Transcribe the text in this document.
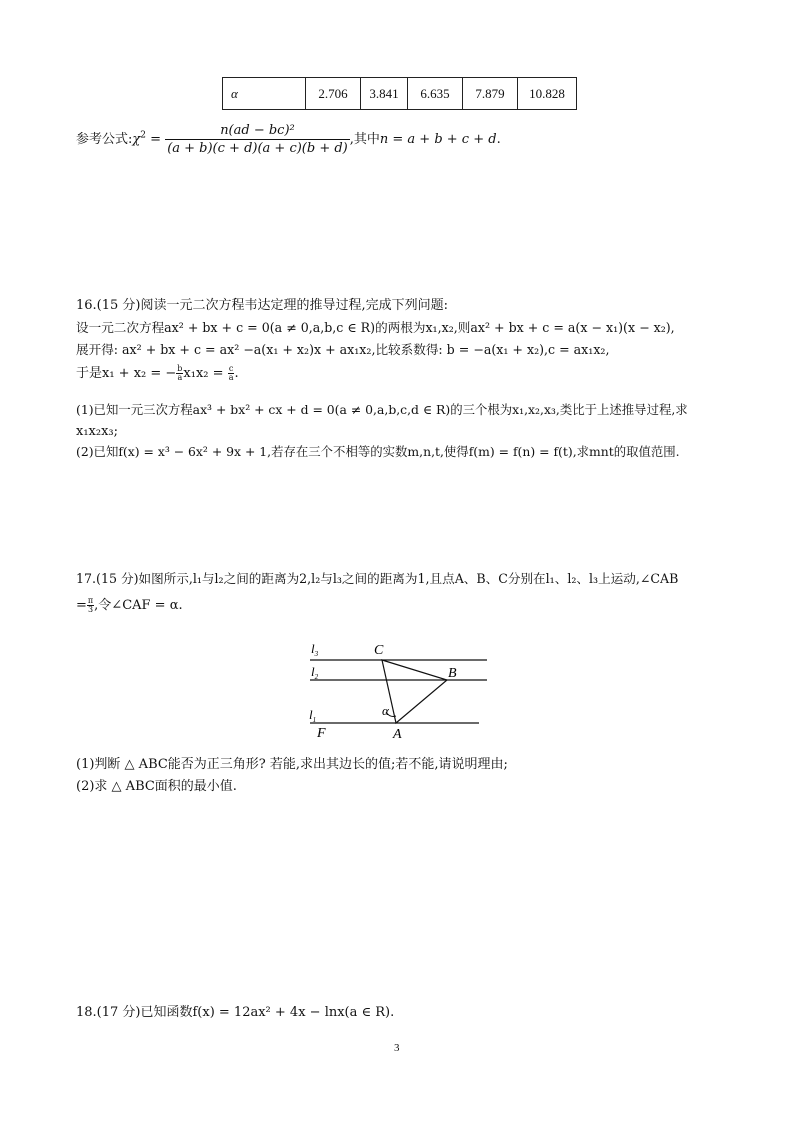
α	2.706	3.841	6.635	7.879	10.828
参考公式$:\chi^2 = \frac{\text{n(ad − bc)²}}{(a + b)(c + d)(a + c)(b + d)}$ ,其中n = a + b + c + d.
16.(15 分)阅读一元二次方程韦达定理的推导过程,完成下列问题:
设一元二次方程ax² + bx + c = 0(a ≠ 0,a,b,c ∈ R)的两根为x₁,x₂,则ax² + bx + c = a(x − x₁)(x − x₂),
展开得: ax² + bx + c = ax² −a(x₁ + x₂)x + ax₁x₂,比较系数得: b = −a(x₁ + x₂),c = ax₁x₂,
于是x₁ + x₂ = − $\frac{b}{a} x_1x_2 = \frac{c}{a}$ .
(1)已知一元三次方程ax³ + bx² + cx + d = 0(a ≠ 0,a,b,c,d ∈ R)的三个根为x₁,x₂,x₃,类比于上述推导过程,求
x₁x₂x₃;
(2)已知f(x) = x³ − 6x² + 9x + 1,若存在三个不相等的实数m,n,t,使得f(m) = f(n) = f(t),求mnt的取值范围.
17.(15 分)如图所示,l₁与l₂之间的距离为2,l₂与l₃之间的距离为1,且点A、B、C分别在l₁、l₂、l₃上运动,∠CAB
= $\frac{\pi}{3}$ ,令∠CAF = α.
$l_3$
$l_2$
$l_1$
C
B
A
F
α
(1)判断 △ ABC能否为正三角形? 若能,求出其边长的值;若不能,请说明理由;
(2)求 △ ABC面积的最小值.
18.(17 分)已知函数f(x) = 12ax² + 4x − lnx(a ∈ R).
3
